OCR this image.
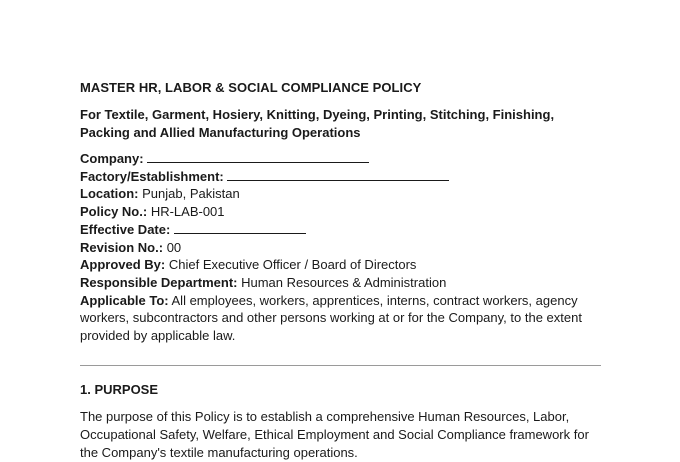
MASTER HR, LABOR & SOCIAL COMPLIANCE POLICY
For Textile, Garment, Hosiery, Knitting, Dyeing, Printing, Stitching, Finishing, Packing and Allied Manufacturing Operations
Company:
Factory/Establishment:
Location: Punjab, Pakistan
Policy No.: HR-LAB-001
Effective Date:
Revision No.: 00
Approved By: Chief Executive Officer / Board of Directors
Responsible Department: Human Resources & Administration
Applicable To: All employees, workers, apprentices, interns, contract workers, agency workers, subcontractors and other persons working at or for the Company, to the extent provided by applicable law.
1. PURPOSE
The purpose of this Policy is to establish a comprehensive Human Resources, Labor, Occupational Safety, Welfare, Ethical Employment and Social Compliance framework for the Company's textile manufacturing operations.
